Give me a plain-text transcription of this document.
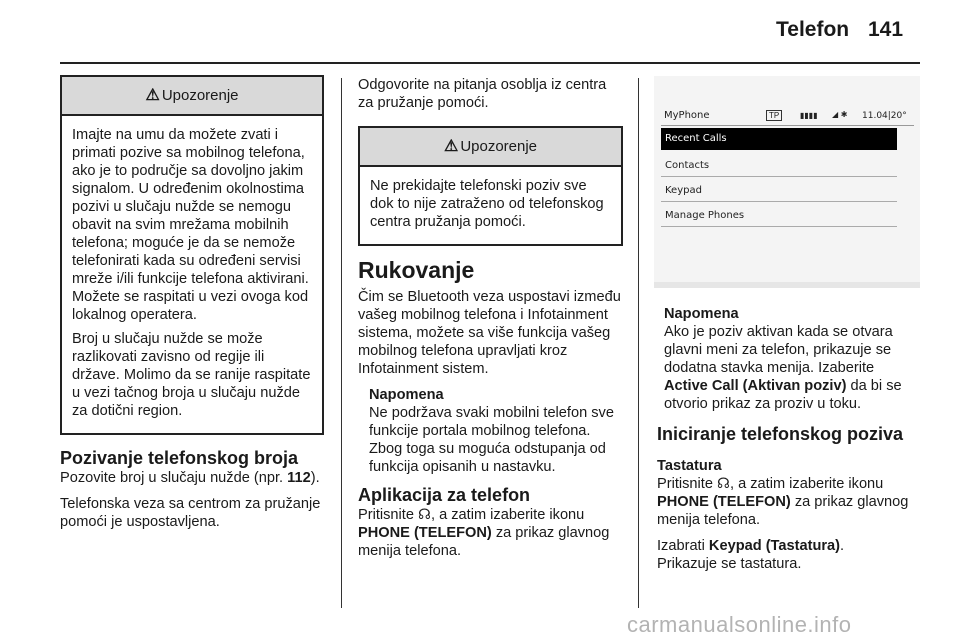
Telefon 141
⚠ Upozorenje

Imajte na umu da možete zvati i primati pozive sa mobilnog telefona, ako je to područje sa dovoljno jakim signalom. U određenim okolnostima pozivi u slučaju nužde se nemogu obavit na svim mrežama mobilnih telefona; moguće je da se nemože telefonirati kada su određeni servisi mreže i/ili funkcije telefona aktivirani. Možete se raspitati u vezi ovoga kod lokalnog operatera.

Broj u slučaju nužde se može razlikovati zavisno od regije ili države. Molimo da se ranije raspitate u vezi tačnog broja u slučaju nužde za dotični region.

Pozivanje telefonskog broja

Pozovite broj u slučaju nužde (npr. 112).

Telefonska veza sa centrom za pružanje pomoći je uspostavljena.

Odgovorite na pitanja osoblja iz centra za pružanje pomoći.

⚠ Upozorenje

Ne prekidajte telefonski poziv sve dok to nije zatraženo od telefonskog centra pružanja pomoći.

Rukovanje

Čim se Bluetooth veza uspostavi između vašeg mobilnog telefona i Infotainment sistema, možete sa više funkcija vašeg mobilnog telefona upravljati kroz Infotainment sistem.

Napomena

Ne podržava svaki mobilni telefon sve funkcije portala mobilnog telefona. Zbog toga su moguća odstupanja od funkcija opisanih u nastavku.

Aplikacija za telefon

Pritisnite ☊, a zatim izaberite ikonu PHONE (TELEFON) za prikaz glavnog menija telefona.

MyPhone	TP	▮▮▮▮ ◢ ✱ 11.04|20°
Recent Calls
Contacts
Keypad
Manage Phones
Napomena

Ako je poziv aktivan kada se otvara glavni meni za telefon, prikazuje se dodatna stavka menija. Izaberite Active Call (Aktivan poziv) da bi se otvorio prikaz za proziv u toku.

Iniciranje telefonskog poziva
Tastatura

Pritisnite ☊, a zatim izaberite ikonu PHONE (TELEFON) za prikaz glavnog menija telefona.

Izabrati Keypad (Tastatura).

Prikazuje se tastatura.

carmanualsonline.info
